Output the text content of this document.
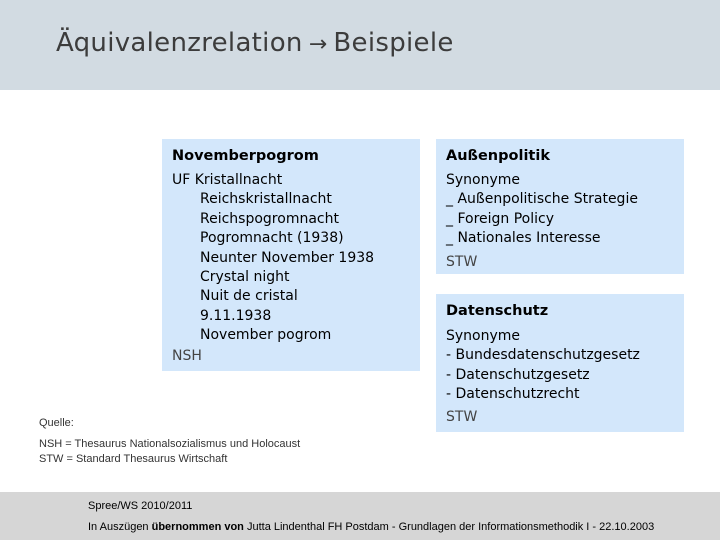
Äquivalenzrelation → Beispiele
Novemberpogrom
UF Kristallnacht
Reichskristallnacht
Reichspogromnacht
Pogromnacht (1938)
Neunter November 1938
Crystal night
Nuit de cristal
9.11.1938
November pogrom
NSH
Außenpolitik
Synonyme
_ Außenpolitische Strategie
_ Foreign Policy
_ Nationales Interesse
STW
Datenschutz
Synonyme
- Bundesdatenschutzgesetz
- Datenschutzgesetz
- Datenschutzrecht
STW
Quelle:
NSH = Thesaurus Nationalsozialismus und Holocaust
STW = Standard Thesaurus Wirtschaft
Spree/WS 2010/2011
In Auszügen übernommen von Jutta Lindenthal FH Postdam - Grundlagen der Informationsmethodik I - 22.10.2003
